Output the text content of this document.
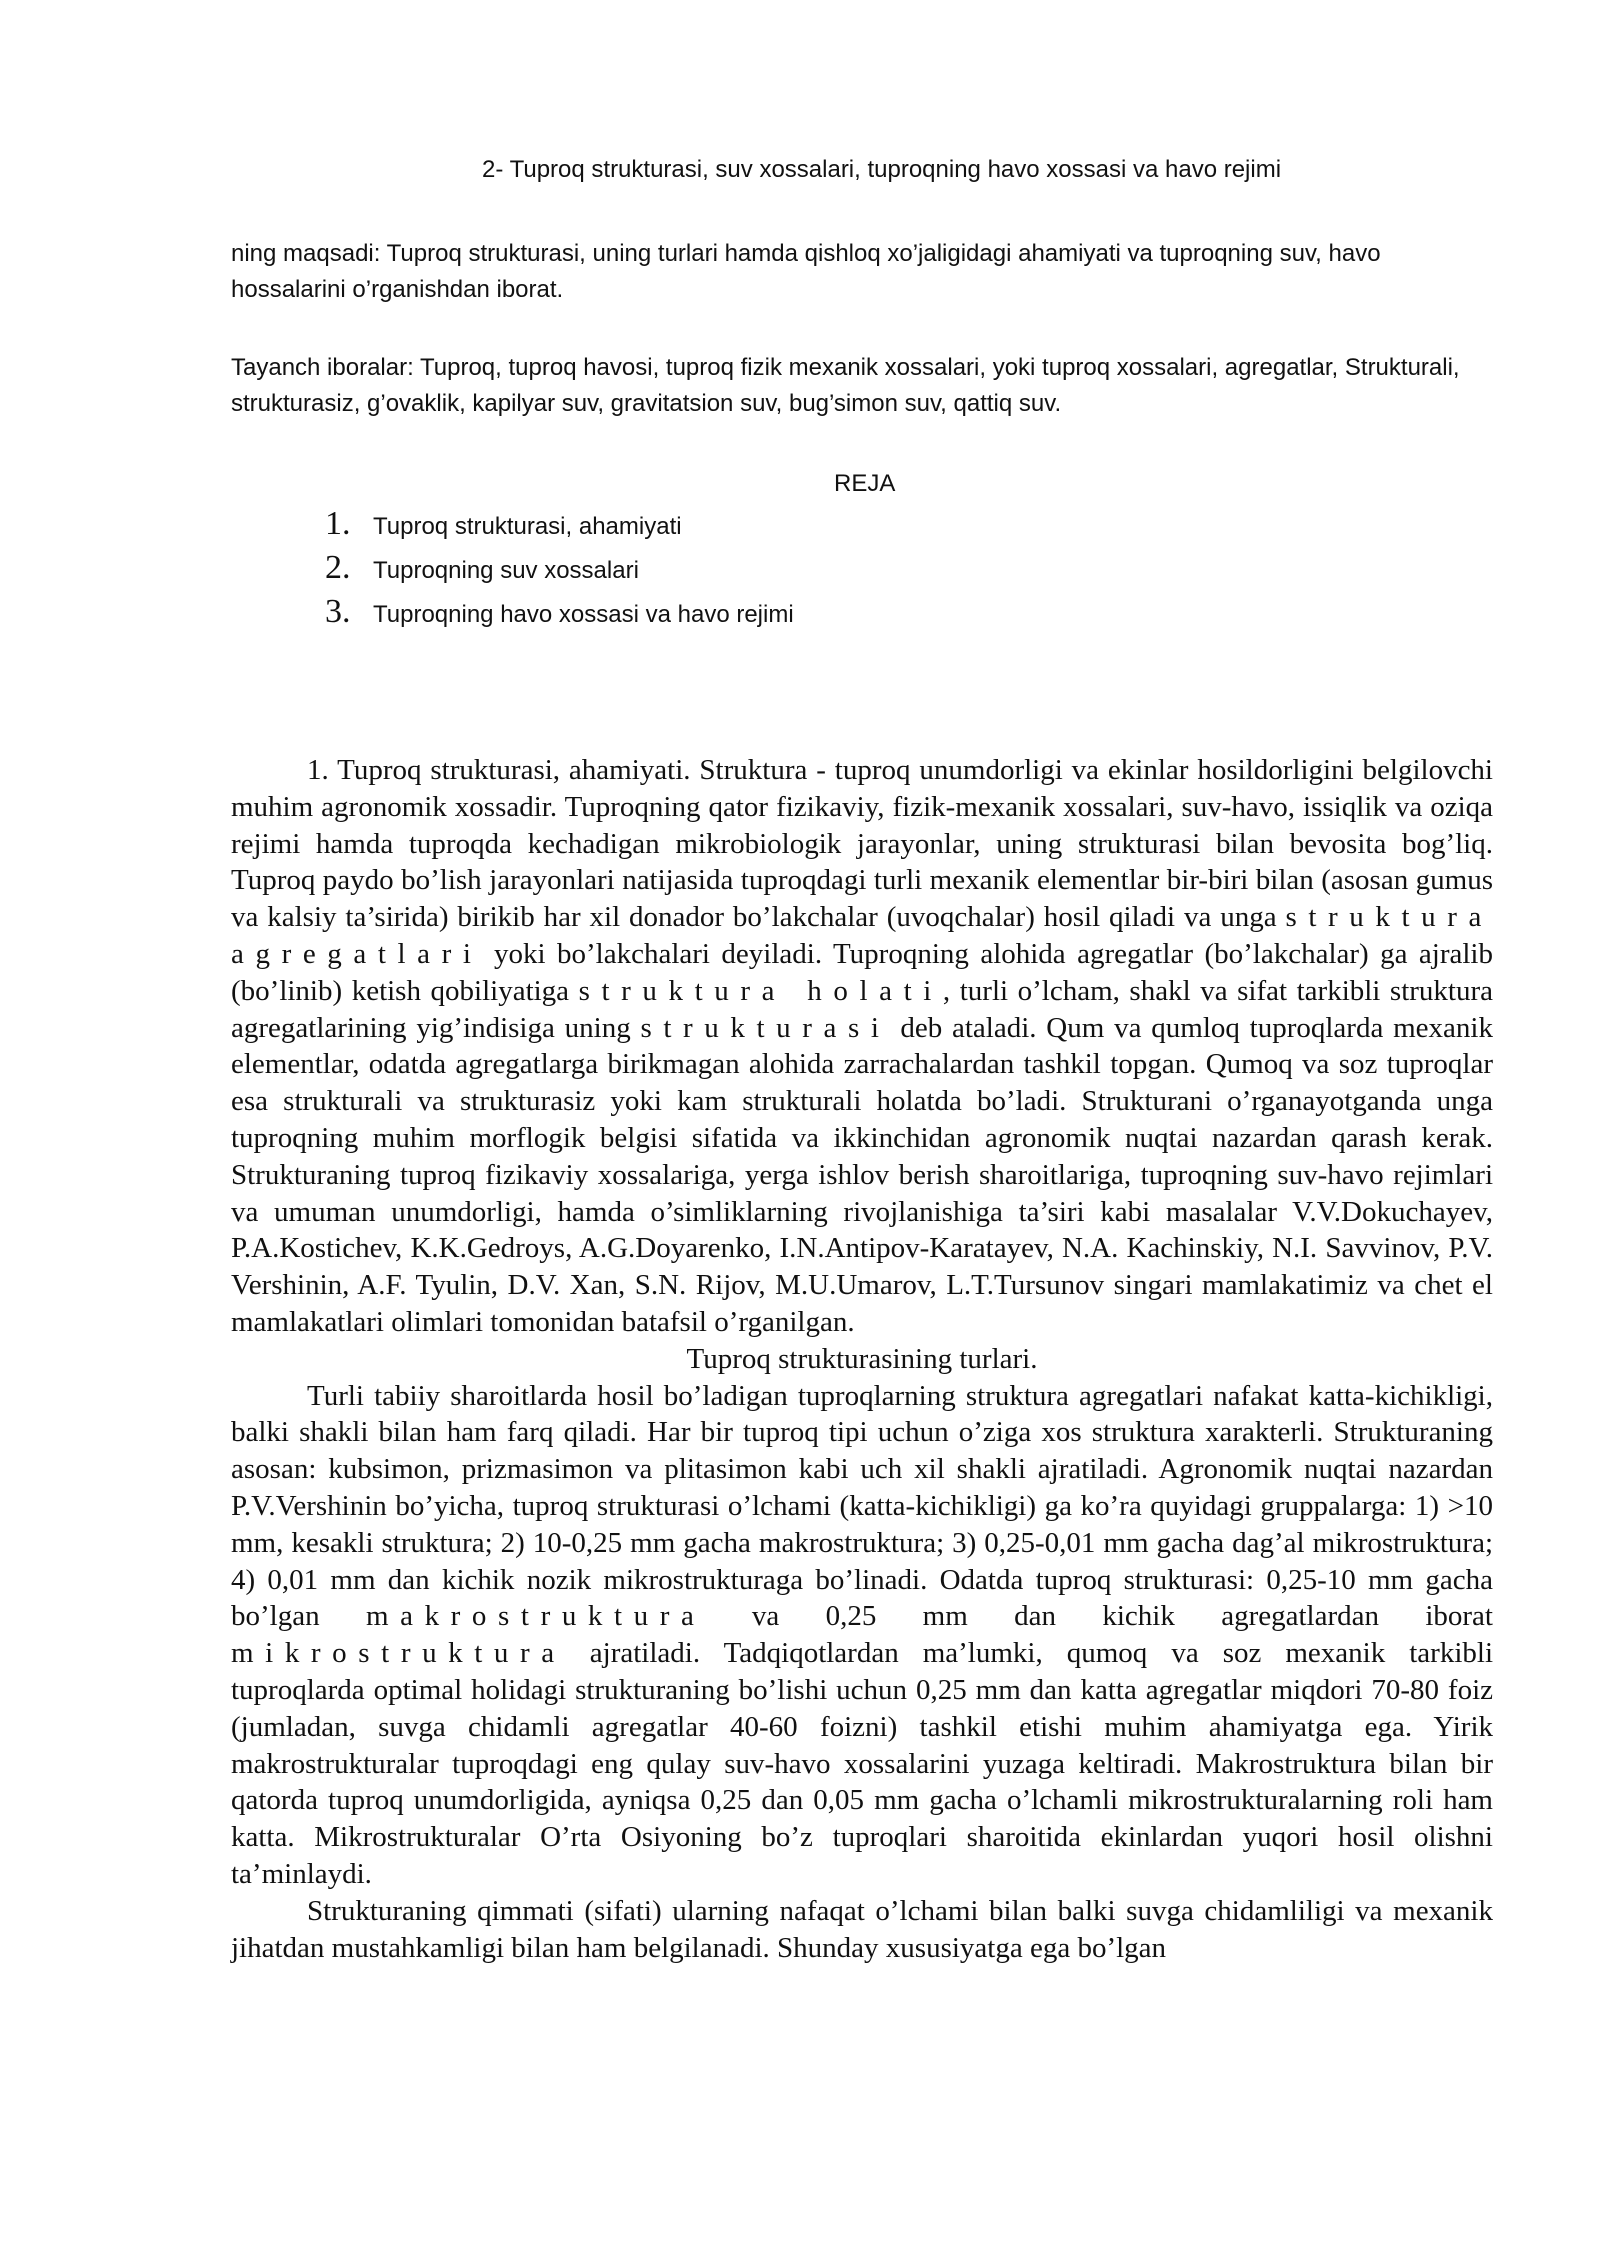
2- Tuproq strukturasi, suv xossalari, tuproqning havo xossasi va havo rejimi
ning maqsadi: Tuproq strukturasi, uning turlari hamda qishloq xo’jaligidagi ahamiyati va tuproqning suv, havo hossalarini o’rganishdan iborat.
Tayanch iboralar: Tuproq, tuproq havosi, tuproq fizik mexanik xossalari, yoki tuproq xossalari, agregatlar, Strukturali, strukturasiz, g’ovaklik, kapilyar suv, gravitatsion suv, bug’simon suv, qattiq suv.
REJA
1. Tuproq strukturasi, ahamiyati
2. Tuproqning suv xossalari
3. Tuproqning havo xossasi va havo rejimi

1. Tuproq strukturasi, ahamiyati. Struktura - tuproq unumdorligi va ekinlar hosildorligini belgilovchi muhim agronomik xossadir. Tuproqning qator fizikaviy, fizik-mexanik xossalari, suv-havo, issiqlik va oziqa rejimi hamda tuproqda kechadigan mikrobiologik jarayonlar, uning strukturasi bilan bevosita bog’liq. Tuproq paydo bo’lish jarayonlari natijasida tuproqdagi turli mexanik elementlar bir-biri bilan (asosan gumus va kalsiy ta’sirida) birikib har xil donador bo’lakchalar (uvoqchalar) hosil qiladi va unga struktura agregatlari yoki bo’lakchalari deyiladi. Tuproqning alohida agregatlar (bo’lakchalar) ga ajralib (bo’linib) ketish qobiliyatiga struktura holati, turli o’lcham, shakl va sifat tarkibli struktura agregatlarining yig’indisiga uning strukturasi deb ataladi. Qum va qumloq tuproqlarda mexanik elementlar, odatda agregatlarga birikmagan alohida zarrachalardan tashkil topgan. Qumoq va soz tuproqlar esa strukturali va strukturasiz yoki kam strukturali holatda bo’ladi. Strukturani o’rganayotganda unga tuproqning muhim morflogik belgisi sifatida va ikkinchidan agronomik nuqtai nazardan qarash kerak. Strukturaning tuproq fizikaviy xossalariga, yerga ishlov berish sharoitlariga, tuproqning suv-havo rejimlari va umuman unumdorligi, hamda o’simliklarning rivojlanishiga ta’siri kabi masalalar V.V.Dokuchayev, P.A.Kostichev, K.K.Gedroys, A.G.Doyarenko, I.N.Antipov-Karatayev, N.A. Kachinskiy, N.I. Savvinov, P.V. Vershinin, A.F. Tyulin, D.V. Xan, S.N. Rijov, M.U.Umarov, L.T.Tursunov singari mamlakatimiz va chet el mamlakatlari olimlari tomonidan batafsil o’rganilgan.

Tuproq strukturasining turlari.

Turli tabiiy sharoitlarda hosil bo’ladigan tuproqlarning struktura agregatlari nafakat katta-kichikligi, balki shakli bilan ham farq qiladi. Har bir tuproq tipi uchun o’ziga xos struktura xarakterli. Strukturaning asosan: kubsimon, prizmasimon va plitasimon kabi uch xil shakli ajratiladi. Agronomik nuqtai nazardan P.V.Vershinin bo’yicha, tuproq strukturasi o’lchami (katta-kichikligi) ga ko’ra quyidagi gruppalarga: 1) >10 mm, kesakli struktura; 2) 10-0,25 mm gacha makrostruktura; 3) 0,25-0,01 mm gacha dag’al mikrostruktura; 4) 0,01 mm dan kichik nozik mikrostrukturaga bo’linadi. Odatda tuproq strukturasi: 0,25-10 mm gacha bo’lgan makrostruktura va 0,25 mm dan kichik agregatlardan iborat mikrostruktura ajratiladi. Tadqiqotlardan ma’lumki, qumoq va soz mexanik tarkibli tuproqlarda optimal holidagi strukturaning bo’lishi uchun 0,25 mm dan katta agregatlar miqdori 70-80 foiz (jumladan, suvga chidamli agregatlar 40-60 foizni) tashkil etishi muhim ahamiyatga ega. Yirik makrostrukturalar tuproqdagi eng qulay suv-havo xossalarini yuzaga keltiradi. Makrostruktura bilan bir qatorda tuproq unumdorligida, ayniqsa 0,25 dan 0,05 mm gacha o’lchamli mikrostrukturalarning roli ham katta. Mikrostrukturalar O’rta Osiyoning bo’z tuproqlari sharoitida ekinlardan yuqori hosil olishni ta’minlaydi.

Strukturaning qimmati (sifati) ularning nafaqat o’lchami bilan balki suvga chidamliligi va mexanik jihatdan mustahkamligi bilan ham belgilanadi. Shunday xususiyatga ega bo’lgan
